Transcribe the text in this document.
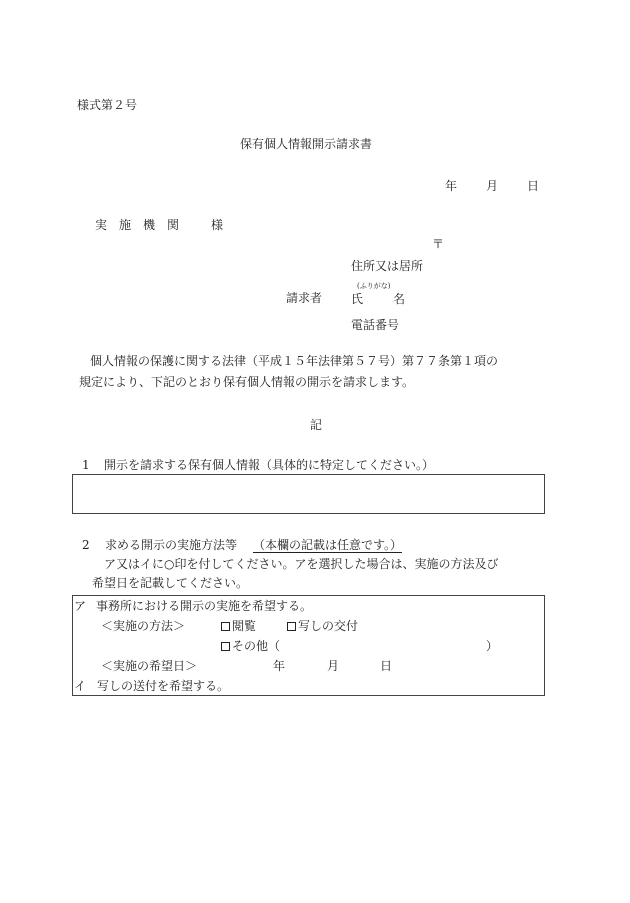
様式第２号
保有個人情報開示請求書
年 月 日
実　施　機　関	様
〒
住所又は居所
請求者
(ふりがな)
氏 名
電話番号
個人情報の保護に関する法律（平成１５年法律第５７号）第７７条第１項の
規定により、下記のとおり保有個人情報の開示を請求します。
記
1 開示を請求する保有個人情報（具体的に特定してください。）
2 求める開示の実施方法等 （本欄の記載は任意です。）
ア又はイに○印を付してください。アを選択した場合は、実施の方法及び
希望日を記載してください。
ア 事務所における開示の実施を希望する。
＜実施の方法＞	閲覧	写しの交付
その他（	）
＜実施の希望日＞	年	月	日
イ 写しの送付を希望する。
